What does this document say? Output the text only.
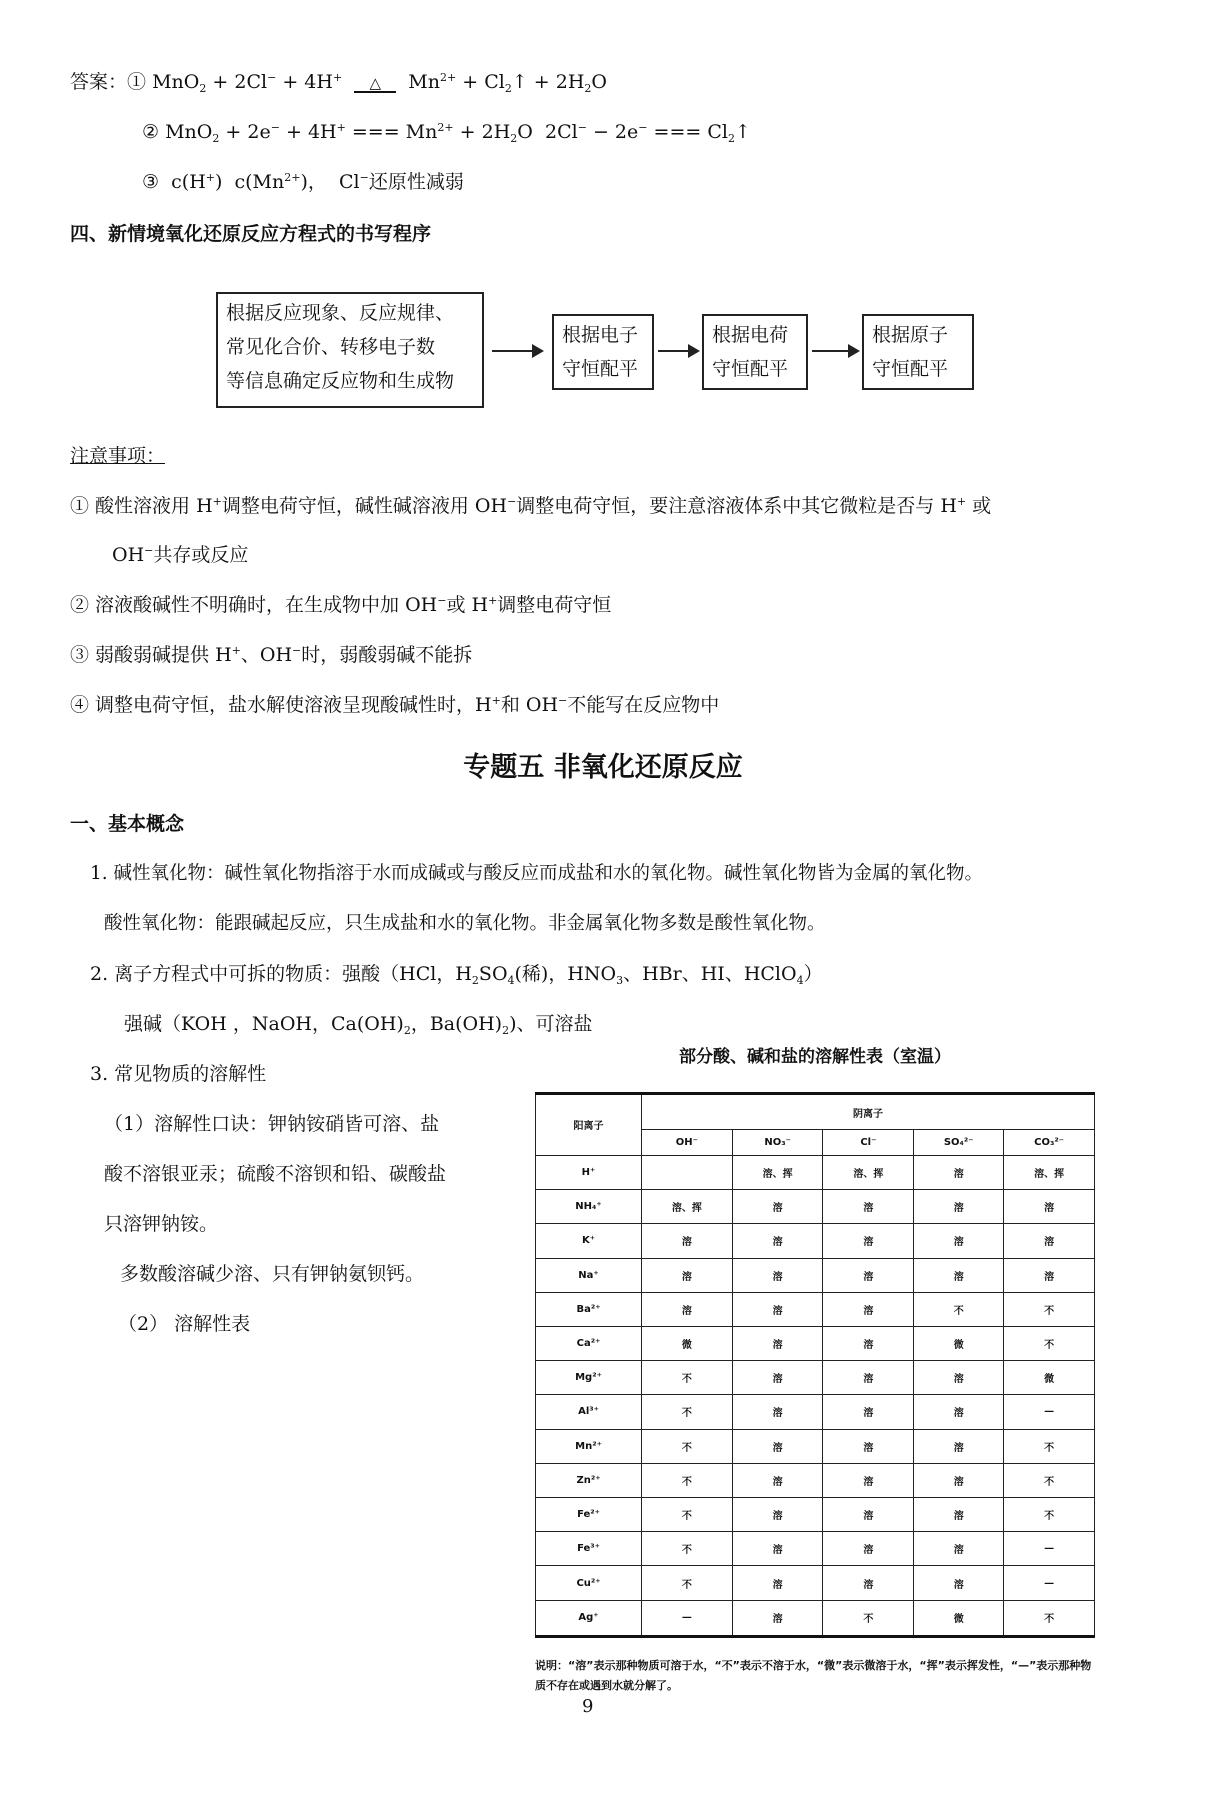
答案：① MnO$_2$ + 2Cl− + 4H+ △ $Mn^{2+}$ + $Cl_2↑ + 2H_2O$
② MnO$_2$ + 2e− + 4H+ === $Mn^{2+} + 2H_2O$ 2Cl− − 2e− === $Cl_2↑$
③ c(H+) $c(Mn^{2+})$， Cl−还原性减弱
四、新情境氧化还原反应方程式的书写程序
根据反应现象、反应规律、
常见化合价、转移电子数
等信息确定反应物和生成物
根据电子
守恒配平
根据电荷
守恒配平
根据原子
守恒配平
注意事项：
① 酸性溶液用 H+调整电荷守恒，碱性碱溶液用 OH−调整电荷守恒，要注意溶液体系中其它微粒是否与 H+ 或
OH−共存或反应
② 溶液酸碱性不明确时，在生成物中加 OH−或 H+调整电荷守恒
③ 弱酸弱碱提供 H+、OH−时，弱酸弱碱不能拆
④ 调整电荷守恒，盐水解使溶液呈现酸碱性时，H+和 OH−不能写在反应物中
专题五 非氧化还原反应
一、基本概念
1. 碱性氧化物：碱性氧化物指溶于水而成碱或与酸反应而成盐和水的氧化物。碱性氧化物皆为金属的氧化物。
酸性氧化物：能跟碱起反应，只生成盐和水的氧化物。非金属氧化物多数是酸性氧化物。
2. 离子方程式中可拆的物质：强酸（HCl，$H_2SO_4$(稀)，$HNO_3$、HBr、HI、HClO$_4$）
强碱（KOH ，NaOH，$Ca(OH)_2$，$Ba(OH)_2$)、可溶盐
3. 常见物质的溶解性
（1）溶解性口诀：钾钠铵硝皆可溶、盐
酸不溶银亚汞；硫酸不溶钡和铅、碳酸盐
只溶钾钠铵。
多数酸溶碱少溶、只有钾钠氨钡钙。
（2） 溶解性表
部分酸、碱和盐的溶解性表（室温）
阳离子	阴离子				
	OH⁻	NO₃⁻	Cl⁻	SO₄²⁻	CO₃²⁻
H⁺		溶、挥	溶、挥	溶	溶、挥
NH₄⁺	溶、挥	溶	溶	溶	溶
K⁺	溶	溶	溶	溶	溶
Na⁺	溶	溶	溶	溶	溶
Ba²⁺	溶	溶	溶	不	不
Ca²⁺	微	溶	溶	微	不
Mg²⁺	不	溶	溶	溶	微
Al³⁺	不	溶	溶	溶	—
Mn²⁺	不	溶	溶	溶	不
Zn²⁺	不	溶	溶	溶	不
Fe²⁺	不	溶	溶	溶	不
Fe³⁺	不	溶	溶	溶	—
Cu²⁺	不	溶	溶	溶	—
Ag⁺	—	溶	不	微	不
说明：“溶”表示那种物质可溶于水，“不”表示不溶于水，“微”表示微溶于水，“挥”表示挥发性，“—”表示那种物质不存在或遇到水就分解了。
9
